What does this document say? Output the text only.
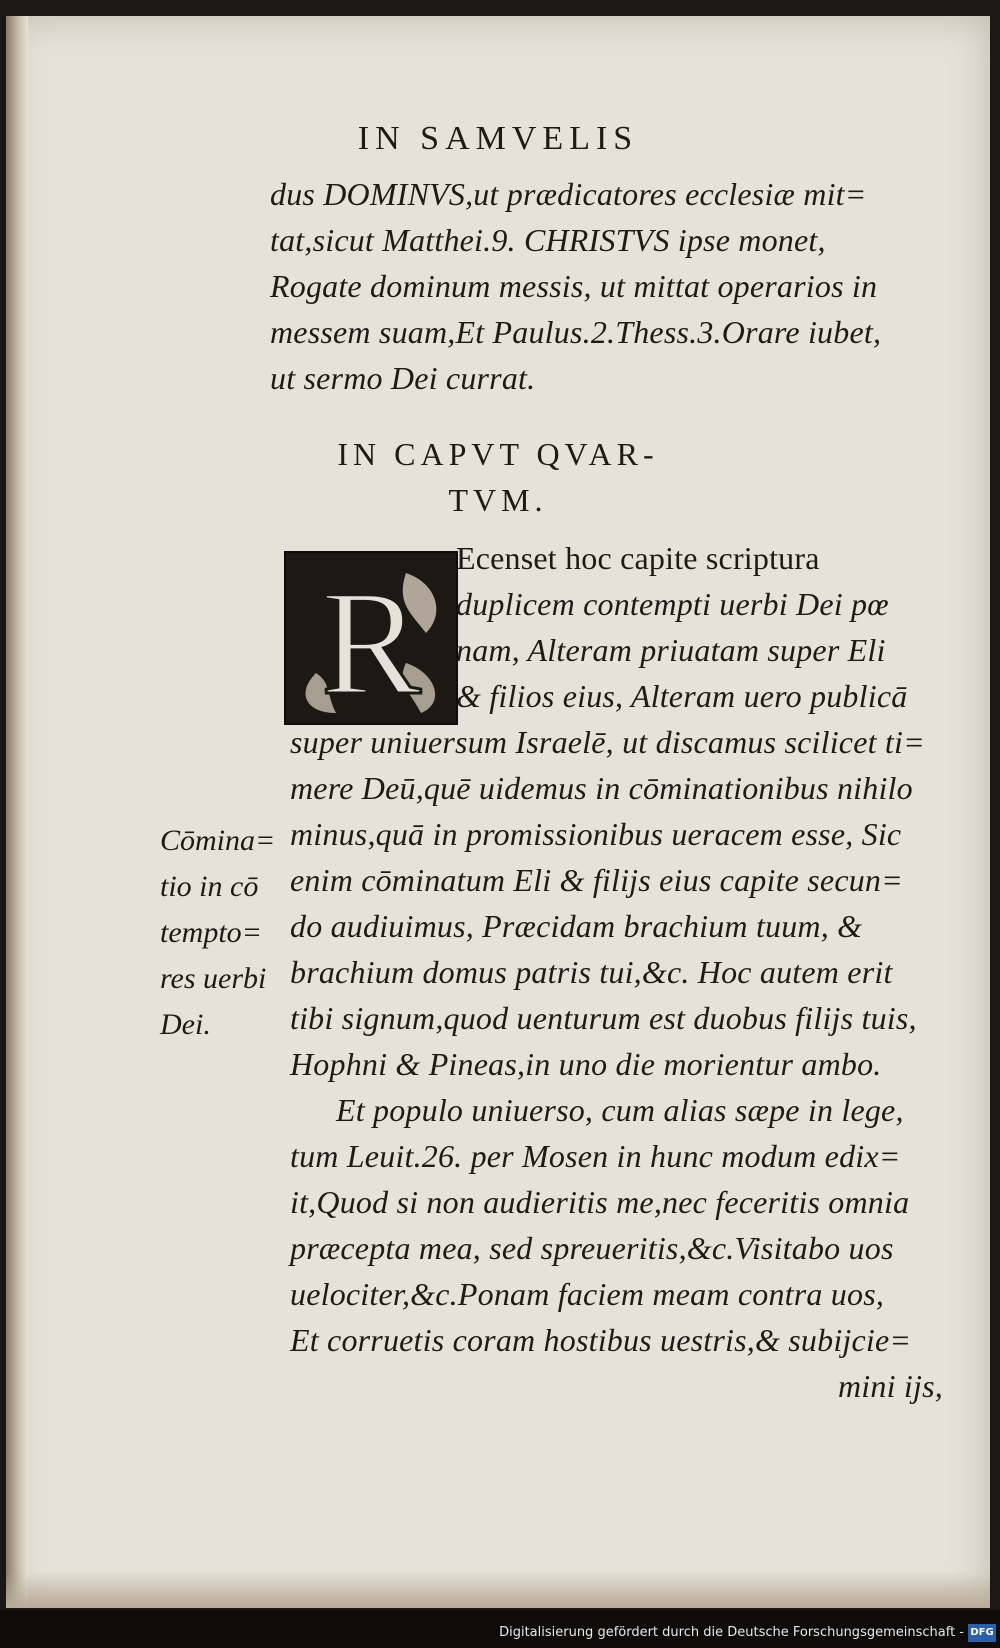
IN SAMVELIS
dus DOMINVS,ut prædicatores ecclesiæ mit=
tat,sicut Matthei.9. CHRISTVS ipse monet,
Rogate dominum messis, ut mittat operarios in
messem suam,Et Paulus.2.Thess.3.Orare iubet,
ut sermo Dei currat.
IN CAPVT QVAR-
TVM.
R
Ecenset hoc capite scriptura
duplicem contempti uerbi Dei pœ
nam, Alteram priuatam super Eli
& filios eius, Alteram uero publicā
super uniuersum Israelē, ut discamus scilicet ti=
mere Deū,quē uidemus in cōminationibus nihilo
minus,quā in promissionibus ueracem esse, Sic
enim cōminatum Eli & filijs eius capite secun=
do audiuimus, Præcidam brachium tuum, &
brachium domus patris tui,&c. Hoc autem erit
tibi signum,quod uenturum est duobus filijs tuis,
Hophni & Pineas,in uno die morientur ambo.
Et populo uniuerso, cum alias sæpe in lege,
tum Leuit.26. per Mosen in hunc modum edix=
it,Quod si non audieritis me,nec feceritis omnia
præcepta mea, sed spreueritis,&c.Visitabo uos
uelociter,&c.Ponam faciem meam contra uos,
Et corruetis coram hostibus uestris,& subijcie=
mini ijs,
Cōmina=
tio in cō
tempto=
res uerbi
Dei.
Digitalisierung gefördert durch die Deutsche Forschungsgemeinschaft - DFG
